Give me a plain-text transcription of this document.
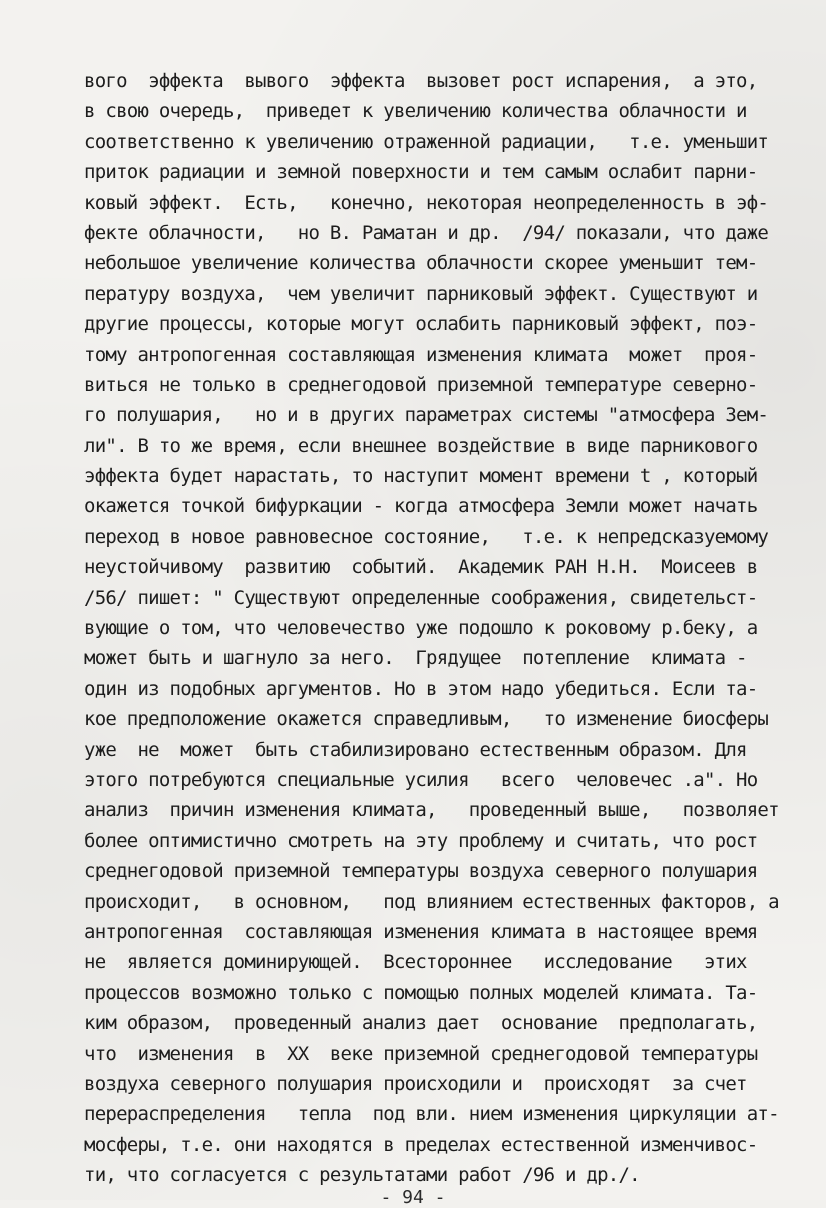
вого  эффекта  вывого  эффекта  вызовет рост испарения,  а это,
в свою очередь,  приведет к увеличению количества облачности и
соответственно к увеличению отраженной радиации,   т.е. уменьшит
приток радиации и земной поверхности и тем самым ослабит парни-
ковый эффект.  Есть,   конечно, некоторая неопределенность в эф-
фекте облачности,   но В. Раматан и др.  /94/ показали, что даже
небольшое увеличение количества облачности скорее уменьшит тем-
пературу воздуха,  чем увеличит парниковый эффект. Существуют и
другие процессы, которые могут ослабить парниковый эффект, поэ-
тому антропогенная составляющая изменения климата  может  проя-
виться не только в среднегодовой приземной температуре северно-
го полушария,   но и в других параметрах системы "атмосфера Зем-
ли". В то же время, если внешнее воздействие в виде парникового
эффекта будет нарастать, то наступит момент времени t , который
окажется точкой бифуркации - когда атмосфера Земли может начать
переход в новое равновесное состояние,   т.е. к непредсказуемому
неустойчивому  развитию  событий.  Академик РАН Н.Н.  Моисеев в
/56/ пишет: " Существуют определенные соображения, свидетельст-
вующие о том, что человечество уже подошло к роковому р.беку, а
может быть и шагнуло за него.  Грядущее  потепление  климата -
один из подобных аргументов. Но в этом надо убедиться. Если та-
кое предположение окажется справедливым,   то изменение биосферы
уже  не  может  быть стабилизировано естественным образом. Для
этого потребуются специальные усилия   всего  человечес .а". Но
анализ  причин изменения климата,   проведенный выше,   позволяет
более оптимистично смотреть на эту проблему и считать, что рост
среднегодовой приземной температуры воздуха северного полушария
происходит,   в основном,   под влиянием естественных факторов, а
антропогенная  составляющая изменения климата в настоящее время
не  является доминирующей.  Всестороннее   исследование   этих
процессов возможно только с помощью полных моделей климата. Та-
ким образом,  проведенный анализ дает  основание  предполагать,
что  изменения  в  XX  веке приземной среднегодовой температуры
воздуха северного полушария происходили и  происходят  за счет
перераспределения   тепла  под вли. нием изменения циркуляции ат-
мосферы, т.е. они находятся в пределах естественной изменчивос-
ти, что согласуется с результатами работ /96 и др./.
- 94 -
